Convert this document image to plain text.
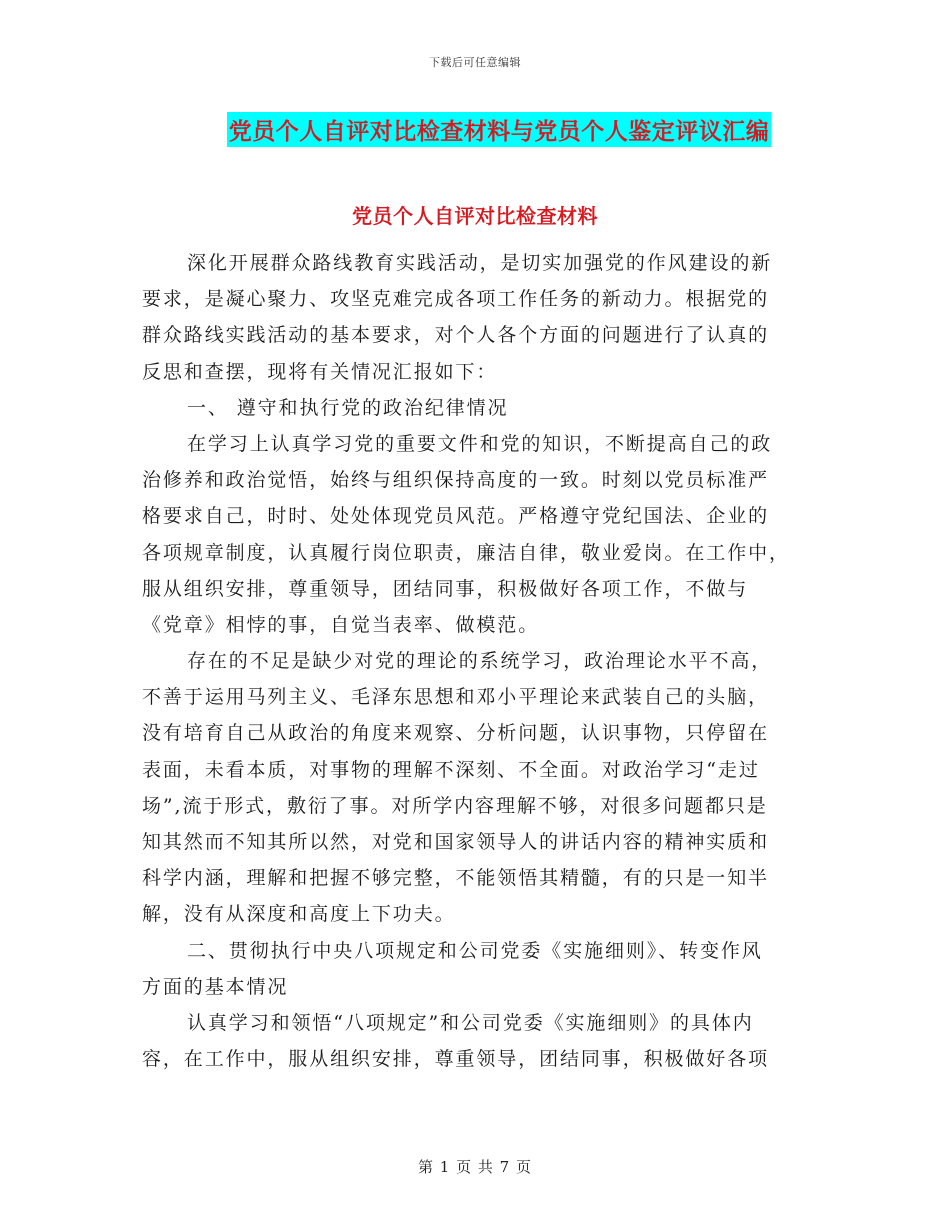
下载后可任意编辑
党员个人自评对比检查材料与党员个人鉴定评议汇编
党员个人自评对比检查材料
深化开展群众路线教育实践活动，是切实加强党的作风建设的新
要求，是凝心聚力、攻坚克难完成各项工作任务的新动力。根据党的
群众路线实践活动的基本要求，对个人各个方面的问题进行了认真的
反思和查摆，现将有关情况汇报如下：
一、 遵守和执行党的政治纪律情况
在学习上认真学习党的重要文件和党的知识，不断提高自己的政
治修养和政治觉悟，始终与组织保持高度的一致。时刻以党员标准严
格要求自己，时时、处处体现党员风范。严格遵守党纪国法、企业的
各项规章制度，认真履行岗位职责，廉洁自律，敬业爱岗。在工作中，
服从组织安排，尊重领导，团结同事，积极做好各项工作，不做与
《党章》相悖的事，自觉当表率、做模范。
存在的不足是缺少对党的理论的系统学习，政治理论水平不高，
不善于运用马列主义、毛泽东思想和邓小平理论来武装自己的头脑，
没有培育自己从政治的角度来观察、分析问题，认识事物，只停留在
表面，未看本质，对事物的理解不深刻、不全面。对政治学习“走过
场”,流于形式，敷衍了事。对所学内容理解不够，对很多问题都只是
知其然而不知其所以然，对党和国家领导人的讲话内容的精神实质和
科学内涵，理解和把握不够完整，不能领悟其精髓，有的只是一知半
解，没有从深度和高度上下功夫。
二、贯彻执行中央八项规定和公司党委《实施细则》、转变作风
方面的基本情况
认真学习和领悟“八项规定”和公司党委《实施细则》的具体内
容，在工作中，服从组织安排，尊重领导，团结同事，积极做好各项
第 1 页 共 7 页
